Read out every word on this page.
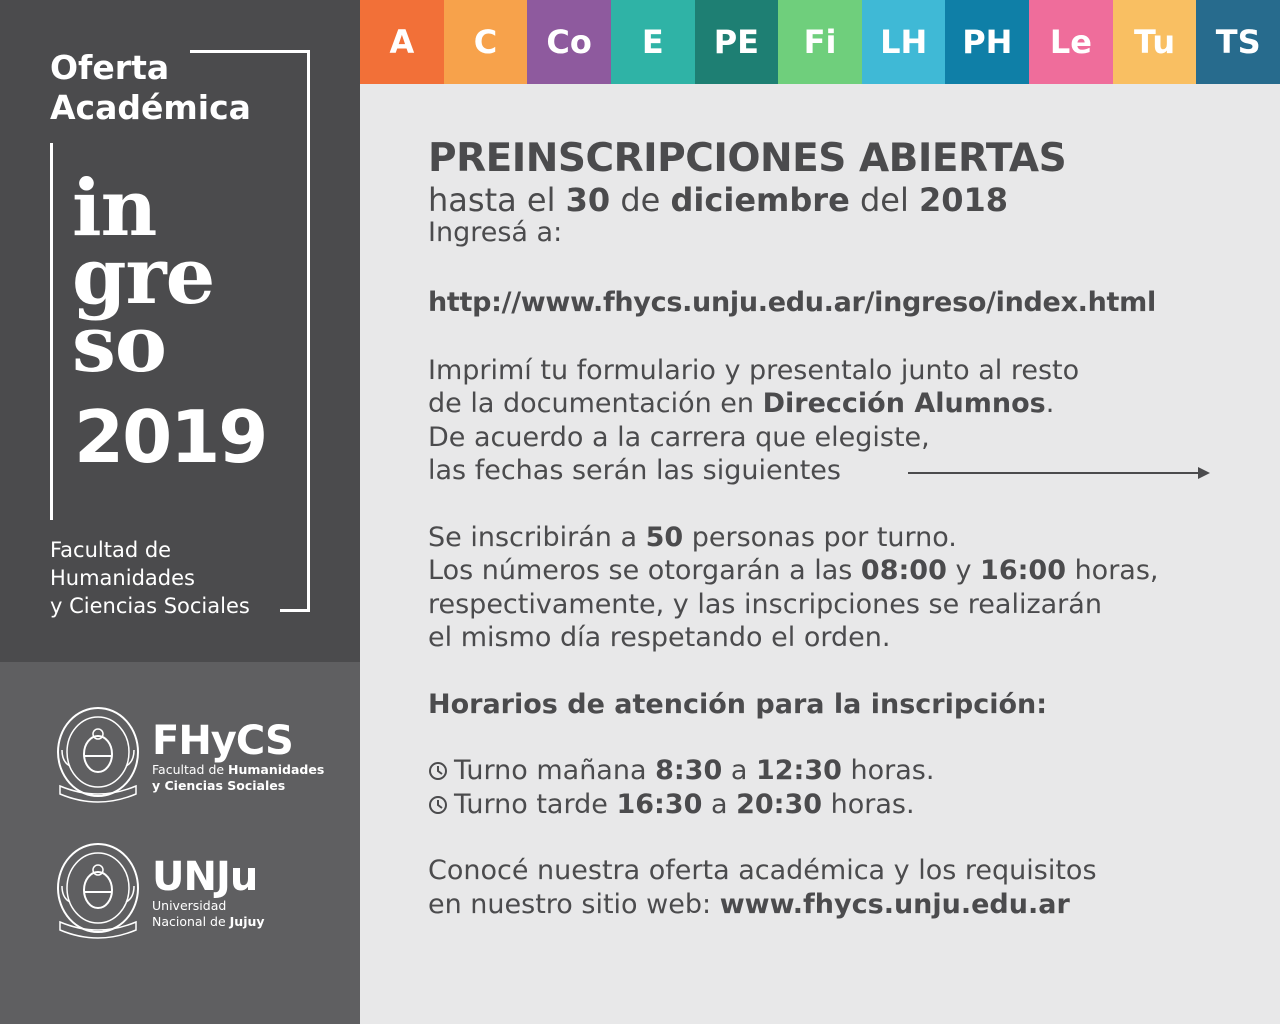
Oferta
Académica
in
gre
so
2019
Facultad de
Humanidades
y Ciencias Sociales
FHyCS
Facultad de Humanidades
y Ciencias Sociales
UNJu
Universidad
Nacional de Jujuy
A	C	Co	E	PE	Fi	LH	PH	Le	Tu	TS
PREINSCRIPCIONES ABIERTAS
hasta el 30 de diciembre del 2018
Ingresá a:
http://www.fhycs.unju.edu.ar/ingreso/index.html
Imprimí tu formulario y presentalo junto al resto
de la documentación en Dirección Alumnos.
De acuerdo a la carrera que elegiste,
las fechas serán las siguientes
Se inscribirán a 50 personas por turno.
Los números se otorgarán a las 08:00 y 16:00 horas,
respectivamente, y las inscripciones se realizarán
el mismo día respetando el orden.
Horarios de atención para la inscripción:
Turno mañana 8:30 a 12:30 horas.
Turno tarde 16:30 a 20:30 horas.
Conocé nuestra oferta académica y los requisitos
en nuestro sitio web: www.fhycs.unju.edu.ar
